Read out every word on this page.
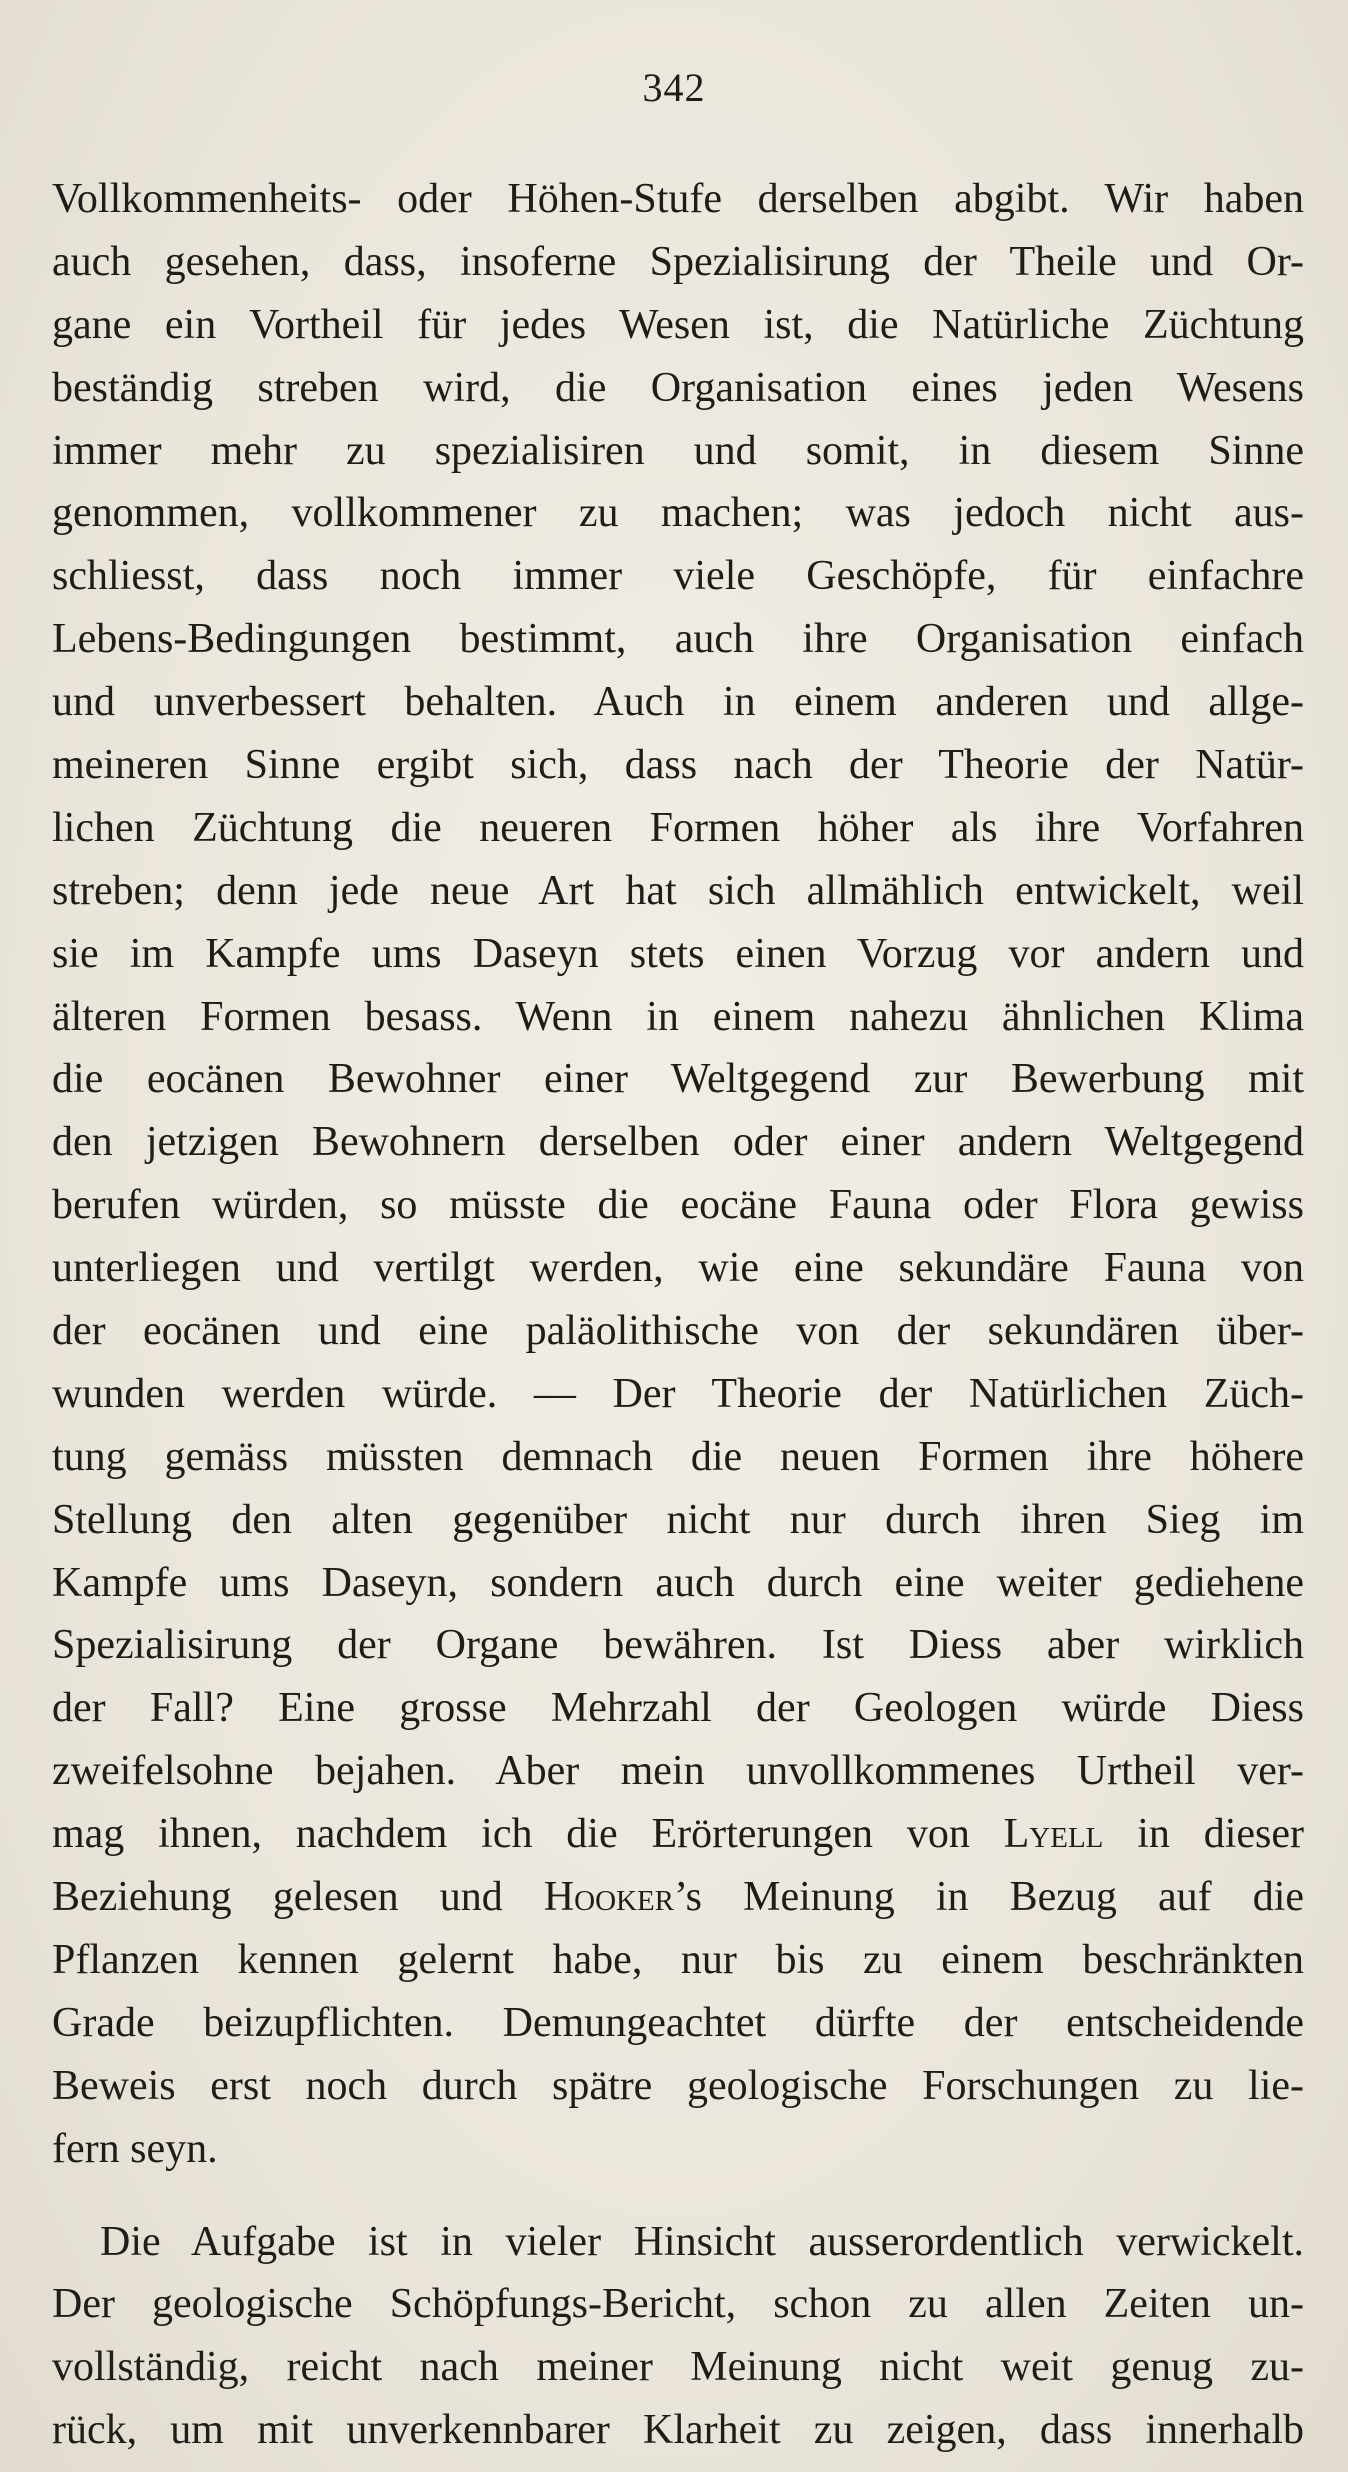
342
Vollkommenheits- oder Höhen-Stufe derselben abgibt. Wir haben
auch gesehen, dass, insoferne Spezialisirung der Theile und Or-
gane ein Vortheil für jedes Wesen ist, die Natürliche Züchtung
beständig streben wird, die Organisation eines jeden Wesens
immer mehr zu spezialisiren und somit, in diesem Sinne
genommen, vollkommener zu machen; was jedoch nicht aus-
schliesst, dass noch immer viele Geschöpfe, für einfachre
Lebens-Bedingungen bestimmt, auch ihre Organisation einfach
und unverbessert behalten. Auch in einem anderen und allge-
meineren Sinne ergibt sich, dass nach der Theorie der Natür-
lichen Züchtung die neueren Formen höher als ihre Vorfahren
streben; denn jede neue Art hat sich allmählich entwickelt, weil
sie im Kampfe ums Daseyn stets einen Vorzug vor andern und
älteren Formen besass. Wenn in einem nahezu ähnlichen Klima
die eocänen Bewohner einer Weltgegend zur Bewerbung mit
den jetzigen Bewohnern derselben oder einer andern Weltgegend
berufen würden, so müsste die eocäne Fauna oder Flora gewiss
unterliegen und vertilgt werden, wie eine sekundäre Fauna von
der eocänen und eine paläolithische von der sekundären über-
wunden werden würde. — Der Theorie der Natürlichen Züch-
tung gemäss müssten demnach die neuen Formen ihre höhere
Stellung den alten gegenüber nicht nur durch ihren Sieg im
Kampfe ums Daseyn, sondern auch durch eine weiter gediehene
Spezialisirung der Organe bewähren. Ist Diess aber wirklich
der Fall? Eine grosse Mehrzahl der Geologen würde Diess
zweifelsohne bejahen. Aber mein unvollkommenes Urtheil ver-
mag ihnen, nachdem ich die Erörterungen von Lyell in dieser
Beziehung gelesen und Hooker’s Meinung in Bezug auf die
Pflanzen kennen gelernt habe, nur bis zu einem beschränkten
Grade beizupflichten. Demungeachtet dürfte der entscheidende
Beweis erst noch durch spätre geologische Forschungen zu lie-
fern seyn.
Die Aufgabe ist in vieler Hinsicht ausserordentlich verwickelt.
Der geologische Schöpfungs-Bericht, schon zu allen Zeiten un-
vollständig, reicht nach meiner Meinung nicht weit genug zu-
rück, um mit unverkennbarer Klarheit zu zeigen, dass innerhalb
